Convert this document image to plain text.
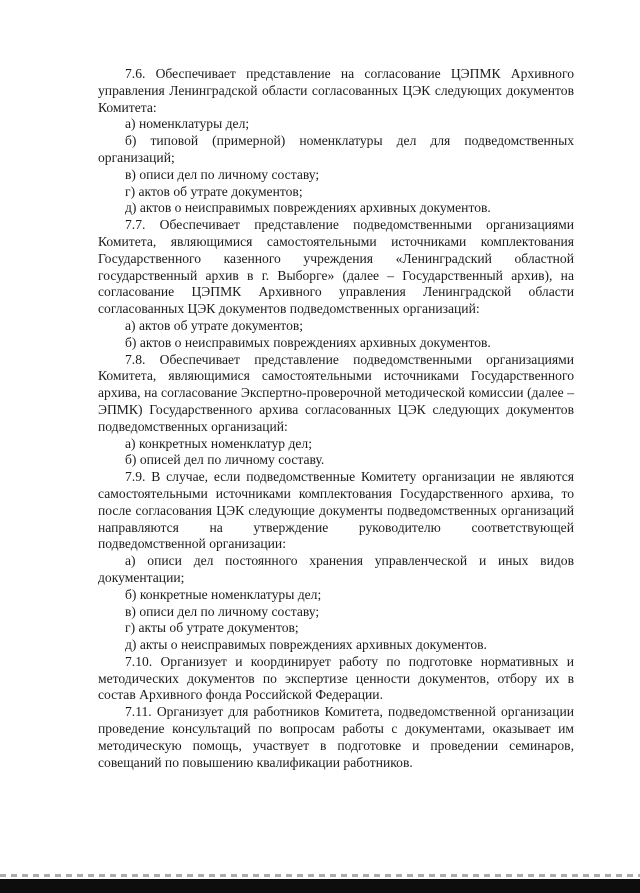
7.6. Обеспечивает представление на согласование ЦЭПМК Архивного управления Ленинградской области согласованных ЦЭК следующих документов Комитета:

а) номенклатуры дел;

б) типовой (примерной) номенклатуры дел для подведомственных организаций;

в) описи дел по личному составу;

г) актов об утрате документов;

д) актов о неисправимых повреждениях архивных документов.

7.7. Обеспечивает представление подведомственными организациями Комитета, являющимися самостоятельными источниками комплектования Государственного казенного учреждения «Ленинградский областной государственный архив в г. Выборге» (далее – Государственный архив), на согласование ЦЭПМК Архивного управления Ленинградской области согласованных ЦЭК документов подведомственных организаций:

а) актов об утрате документов;

б) актов о неисправимых повреждениях архивных документов.

7.8. Обеспечивает представление подведомственными организациями Комитета, являющимися самостоятельными источниками Государственного архива, на согласование Экспертно-проверочной методической комиссии (далее – ЭПМК) Государственного архива согласованных ЦЭК следующих документов подведомственных организаций:

а) конкретных номенклатур дел;

б) описей дел по личному составу.

7.9. В случае, если подведомственные Комитету организации не являются самостоятельными источниками комплектования Государственного архива, то после согласования ЦЭК следующие документы подведомственных организаций направляются на утверждение руководителю соответствующей подведомственной организации:

а) описи дел постоянного хранения управленческой и иных видов документации;

б) конкретные номенклатуры дел;

в) описи дел по личному составу;

г) акты об утрате документов;

д) акты о неисправимых повреждениях архивных документов.

7.10. Организует и координирует работу по подготовке нормативных и методических документов по экспертизе ценности документов, отбору их в состав Архивного фонда Российской Федерации.

7.11. Организует для работников Комитета, подведомственной организации проведение консультаций по вопросам работы с документами, оказывает им методическую помощь, участвует в подготовке и проведении семинаров, совещаний по повышению квалификации работников.
